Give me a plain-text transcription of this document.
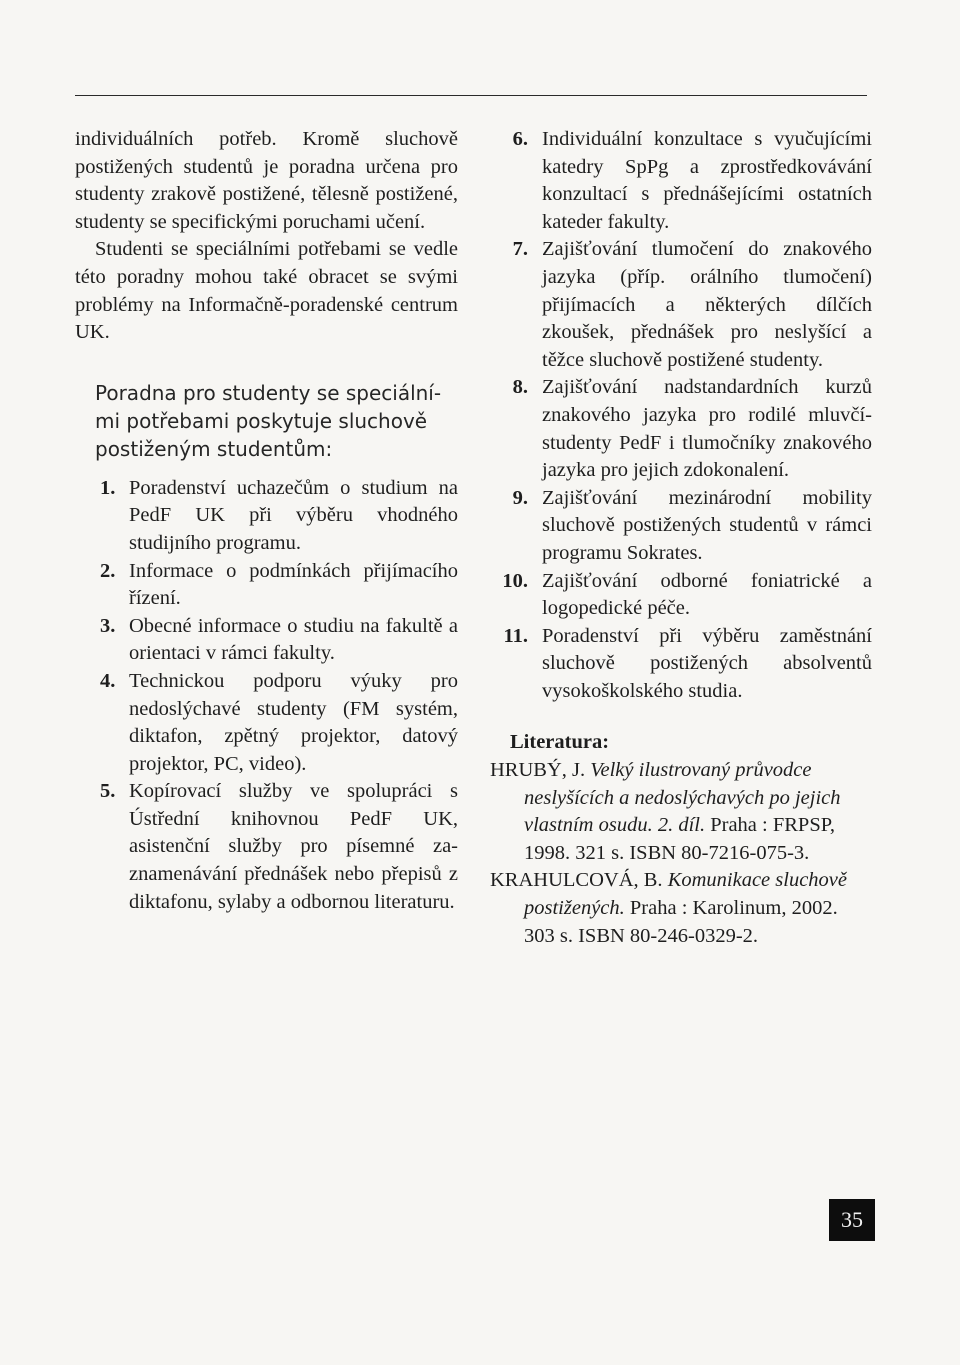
individuálních potřeb. Kromě sluchově postižených studentů je poradna určena pro studenty zrakově postižené, tělesně postižené, studenty se specifickými poruchami učení.

Studenti se speciálními potřebami se vedle této poradny mohou také obracet se svými problémy na Informačně-poradenské centrum UK.

Poradna pro studenty se speciálními potřebami poskytuje sluchově postiženým studentům:

1. Poradenství uchazečům o studium na PedF UK při výběru vhodného studijního programu.
2. Informace o podmínkách přijímacího řízení.
3. Obecné informace o studiu na fakultě a orientaci v rámci fakulty.
4. Technickou podporu výuky pro nedoslýchavé studenty (FM systém, diktafon, zpětný projektor, datový projektor, PC, video).
5. Kopírovací služby ve spolupráci s Ústřední knihovnou PedF UK, asistenční služby pro písemné zaznamenávání přednášek nebo přepisů z diktafonu, sylaby a odbornou literaturu.
6. Individuální konzultace s vyučujícími katedry SpPg a zprostředkovávání konzultací s přednášejícími ostatních kateder fakulty.
7. Zajišťování tlumočení do znakového jazyka (příp. orálního tlumočení) přijímacích a některých dílčích zkoušek, přednášek pro neslyšící a těžce sluchově postižené studenty.
8. Zajišťování nadstandardních kurzů znakového jazyka pro rodilé mluvčí-studenty PedF i tlumočníky znakového jazyka pro jejich zdokonalení.
9. Zajišťování mezinárodní mobility sluchově postižených studentů v rámci programu Sokrates.
10. Zajišťování odborné foniatrické a logopedické péče.
11. Poradenství při výběru zaměstnání sluchově postižených absolventů vysokoškolského studia.

Literatura:

HRUBÝ, J. Velký ilustrovaný průvodce neslyšících a nedoslýchavých po jejich vlastním osudu. 2. díl. Praha : FRPSP, 1998. 321 s. ISBN 80-7216-075-3.

KRAHULCOVÁ, B. Komunikace sluchově postižených. Praha : Karolinum, 2002. 303 s. ISBN 80-246-0329-2.

35
